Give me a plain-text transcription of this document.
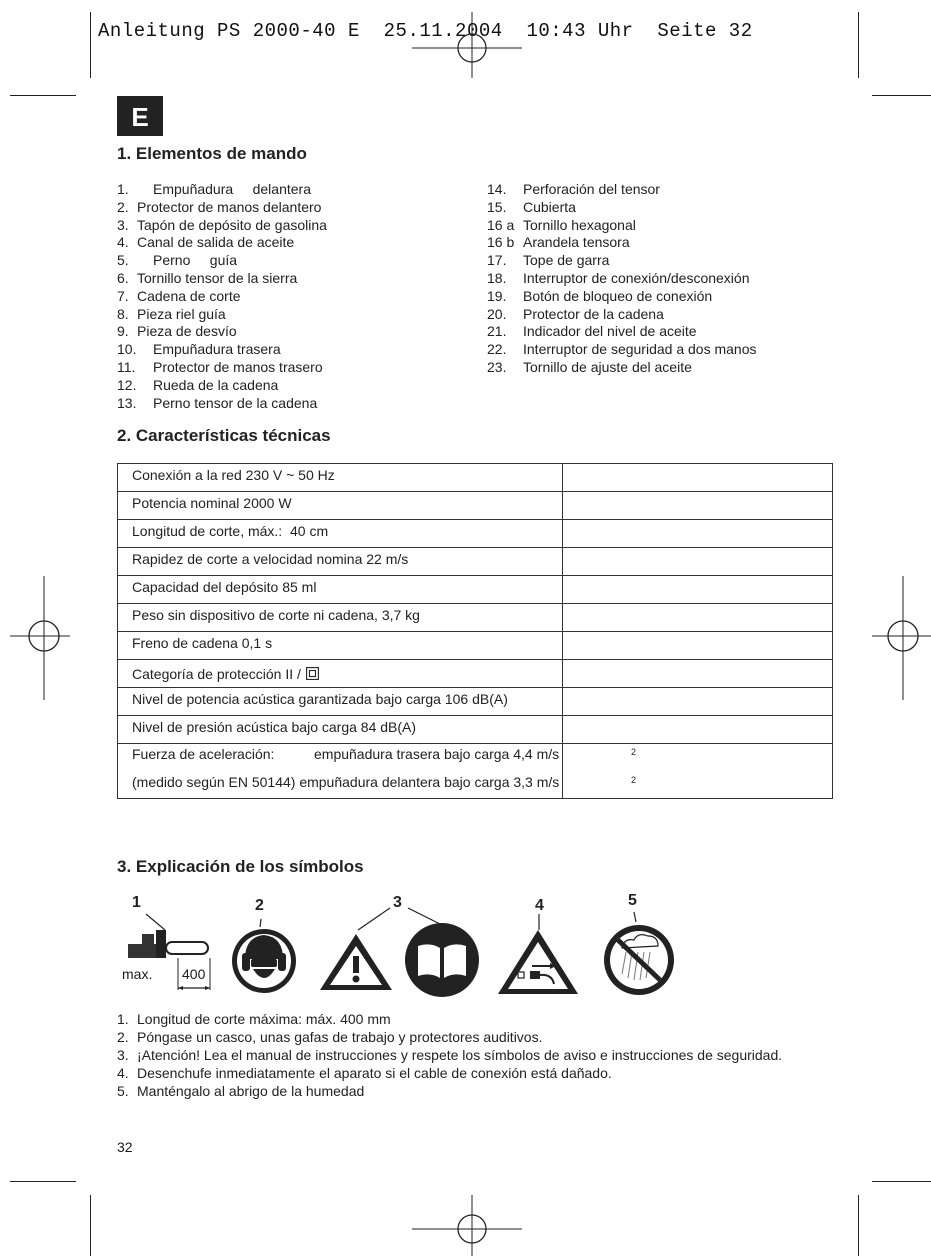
Anleitung PS 2000-40 E  25.11.2004  10:43 Uhr  Seite 32
E
1. Elementos de mando
1.	Empuñadura     delantera
2. Protector de manos delantero
3. Tapón de depósito de gasolina
4. Canal de salida de aceite
5.	Perno     guía
6. Tornillo tensor de la sierra
7. Cadena de corte
8. Pieza riel guía
9. Pieza de desvío
10.	Empuñadura trasera
11.	Protector de manos trasero
12.	Rueda de la cadena
13.	Perno tensor de la cadena
14.	Perforación del tensor
15.	Cubierta
16 a Tornillo hexagonal
16 b Arandela tensora
17.	Tope de garra
18.	Interruptor de conexión/desconexión
19.	Botón de bloqueo de conexión
20.	Protector de la cadena
21.	Indicador del nivel de aceite
22.	Interruptor de seguridad a dos manos
23.	Tornillo de ajuste del aceite
2. Características técnicas
Conexión a la red 230 V ~ 50 Hz
Potencia nominal 2000 W
Longitud de corte, máx.:  40 cm
Rapidez de corte a velocidad nomina 22 m/s
Capacidad del depósito 85 ml
Peso sin dispositivo de corte ni cadena, 3,7 kg
Freno de cadena 0,1 s
Categoría de protección II /
Nivel de potencia acústica garantizada bajo carga 106 dB(A)
Nivel de presión acústica bajo carga 84 dB(A)
Fuerza de aceleración:	empuñadura trasera bajo carga 4,4 m/s	2
(medido según EN 50144) empuñadura delantera bajo carga 3,3 m/s	2
3. Explicación de los símbolos
1	2	3	4	5
max. 400
1. Longitud de corte máxima: máx. 400 mm
2. Póngase un casco, unas gafas de trabajo y protectores auditivos.
3. ¡Atención! Lea el manual de instrucciones y respete los símbolos de aviso e instrucciones de seguridad.
4. Desenchufe inmediatamente el aparato si el cable de conexión está dañado.
5. Manténgalo al abrigo de la humedad
32
